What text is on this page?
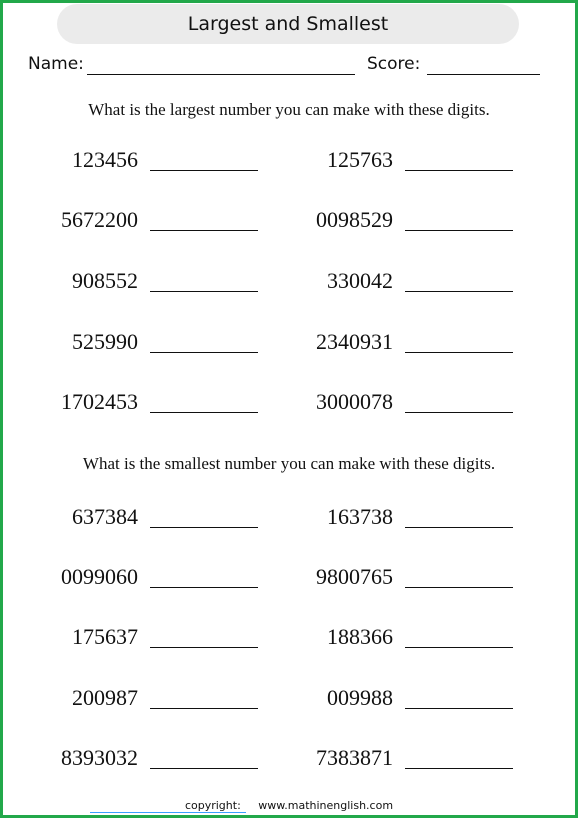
Largest and Smallest
Name:	Score:
What is the largest number you can make with these digits.
123456	125763
5672200	0098529
908552	330042
525990	2340931
1702453	3000078
What is the smallest number you can make with these digits.
637384	163738
0099060	9800765
175637	188366
200987	009988
8393032	7383871
copyright: www.mathinenglish.com
